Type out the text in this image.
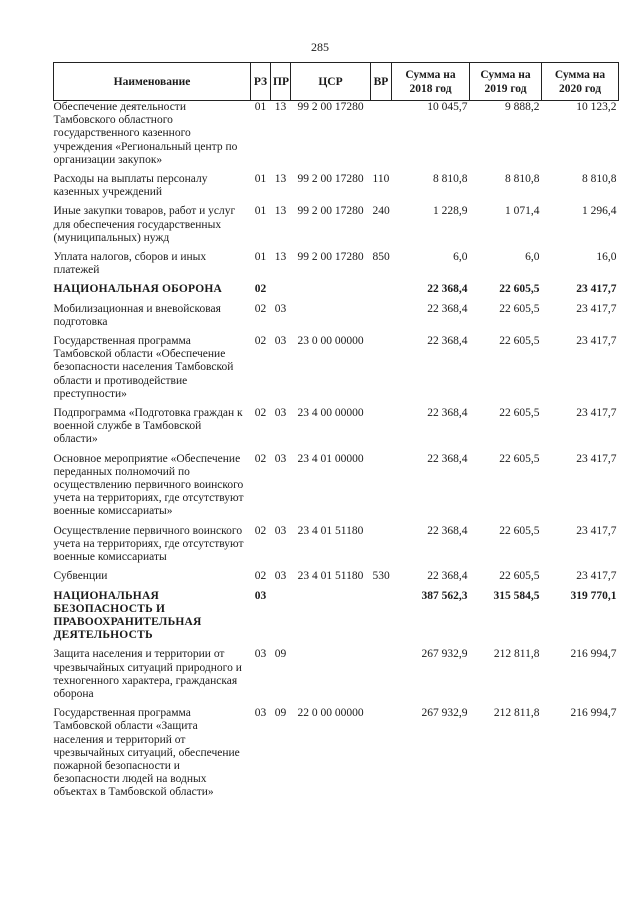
285
Наименование	РЗ	ПР	ЦСР	ВР	Сумма на 2018 год	Сумма на 2019 год	Сумма на 2020 год
Обеспечение деятельности Тамбовского областного государственного казенного учреждения «Региональный центр по организации закупок»	01	13	99 2 00 17280		10 045,7	9 888,2	10 123,2
Расходы на выплаты персоналу казенных учреждений	01	13	99 2 00 17280	110	8 810,8	8 810,8	8 810,8
Иные закупки товаров, работ и услуг для обеспечения государственных (муниципальных) нужд	01	13	99 2 00 17280	240	1 228,9	1 071,4	1 296,4
Уплата налогов, сборов и иных платежей	01	13	99 2 00 17280	850	6,0	6,0	16,0
НАЦИОНАЛЬНАЯ ОБОРОНА	02				22 368,4	22 605,5	23 417,7
Мобилизационная и вневойсковая подготовка	02	03			22 368,4	22 605,5	23 417,7
Государственная программа Тамбовской области «Обеспечение безопасности населения Тамбовской области и противодействие преступности»	02	03	23 0 00 00000		22 368,4	22 605,5	23 417,7
Подпрограмма «Подготовка граждан к военной службе в Тамбовской области»	02	03	23 4 00 00000		22 368,4	22 605,5	23 417,7
Основное мероприятие «Обеспечение переданных полномочий по осуществлению первичного воинского учета на территориях, где отсутствуют военные комиссариаты»	02	03	23 4 01 00000		22 368,4	22 605,5	23 417,7
Осуществление первичного воинского учета на территориях, где отсутствуют военные комиссариаты	02	03	23 4 01 51180		22 368,4	22 605,5	23 417,7
Субвенции	02	03	23 4 01 51180	530	22 368,4	22 605,5	23 417,7
НАЦИОНАЛЬНАЯ БЕЗОПАСНОСТЬ И ПРАВООХРАНИТЕЛЬНАЯ ДЕЯТЕЛЬНОСТЬ	03				387 562,3	315 584,5	319 770,1
Защита населения и территории от чрезвычайных ситуаций природного и техногенного характера, гражданская оборона	03	09			267 932,9	212 811,8	216 994,7
Государственная программа Тамбовской области «Защита населения и территорий от чрезвычайных ситуаций, обеспечение пожарной безопасности и безопасности людей на водных объектах в Тамбовской области»	03	09	22 0 00 00000		267 932,9	212 811,8	216 994,7
